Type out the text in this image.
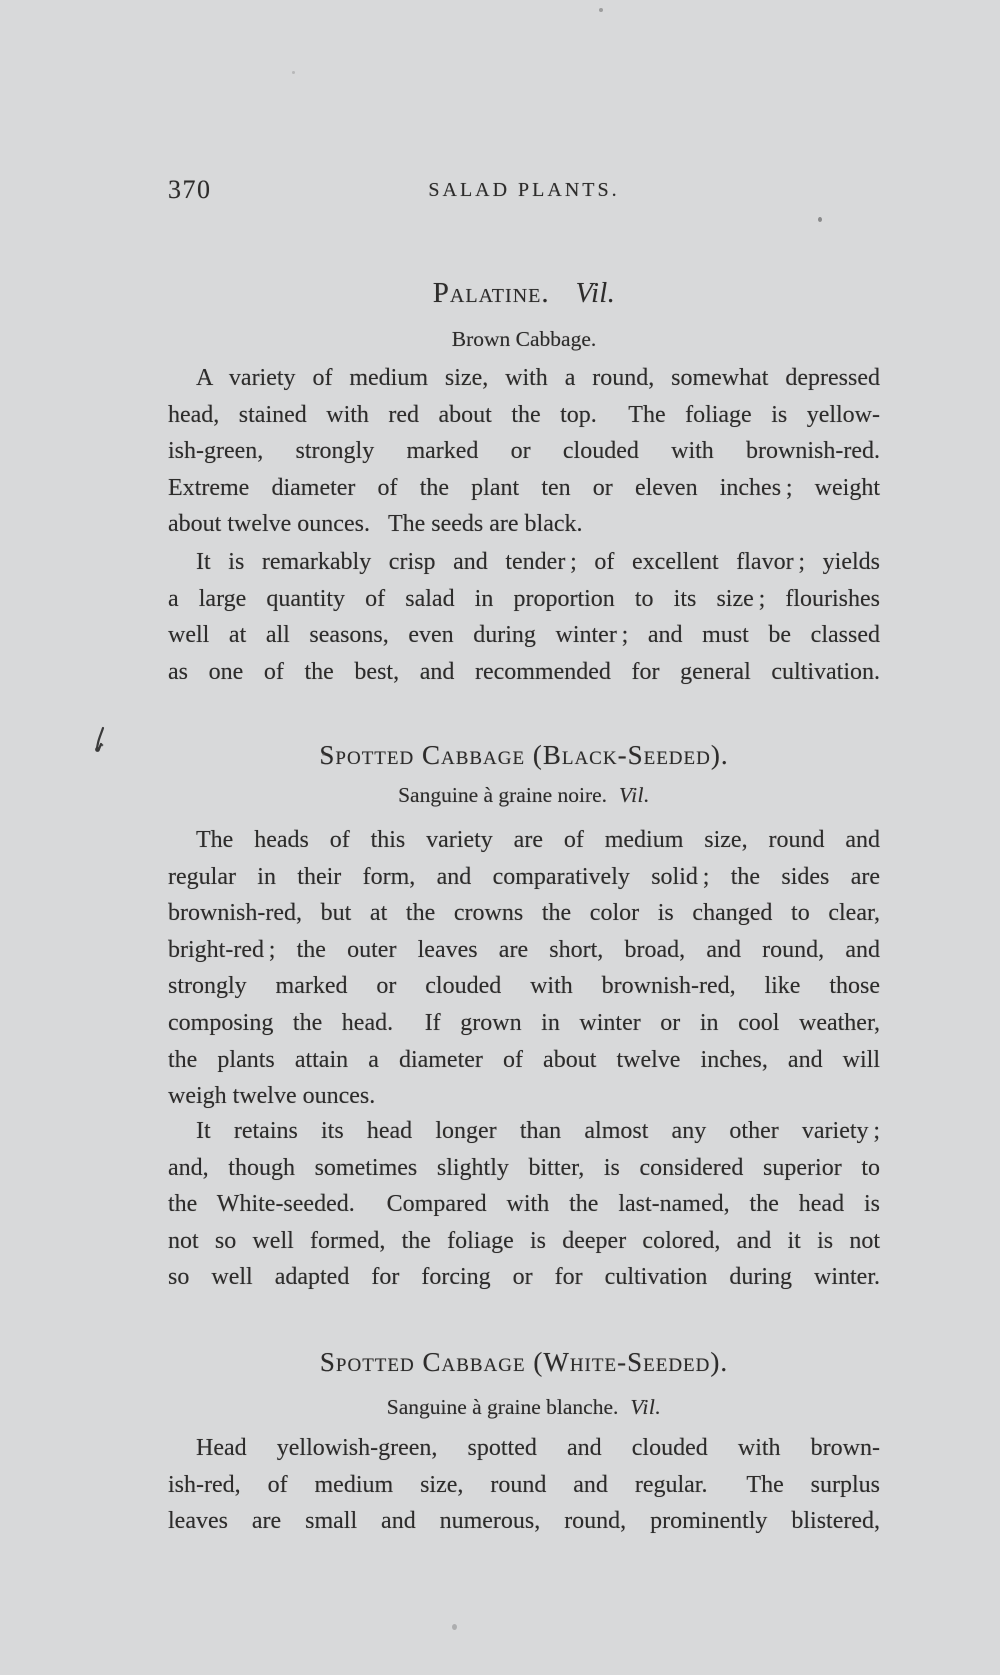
370	SALAD PLANTS.
Palatine. Vil.
Brown Cabbage.
A variety of medium size, with a round, somewhat depressed
head, stained with red about the top.  The foliage is yellow-
ish-green, strongly marked or clouded with brownish-red.
Extreme diameter of the plant ten or eleven inches ; weight
about twelve ounces.  The seeds are black.
It is remarkably crisp and tender ; of excellent flavor ; yields
a large quantity of salad in proportion to its size ; flourishes
well at all seasons, even during winter ; and must be classed
as one of the best, and recommended for general cultivation.
Spotted Cabbage (Black-Seeded).
Sanguine à graine noire. Vil.
The heads of this variety are of medium size, round and
regular in their form, and comparatively solid ; the sides are
brownish-red, but at the crowns the color is changed to clear,
bright-red ; the outer leaves are short, broad, and round, and
strongly marked or clouded with brownish-red, like those
composing the head.  If grown in winter or in cool weather,
the plants attain a diameter of about twelve inches, and will
weigh twelve ounces.
It retains its head longer than almost any other variety ;
and, though sometimes slightly bitter, is considered superior to
the White-seeded.  Compared with the last-named, the head is
not so well formed, the foliage is deeper colored, and it is not
so well adapted for forcing or for cultivation during winter.
Spotted Cabbage (White-Seeded).
Sanguine à graine blanche. Vil.
Head yellowish-green, spotted and clouded with brown-
ish-red, of medium size, round and regular.  The surplus
leaves are small and numerous, round, prominently blistered,
